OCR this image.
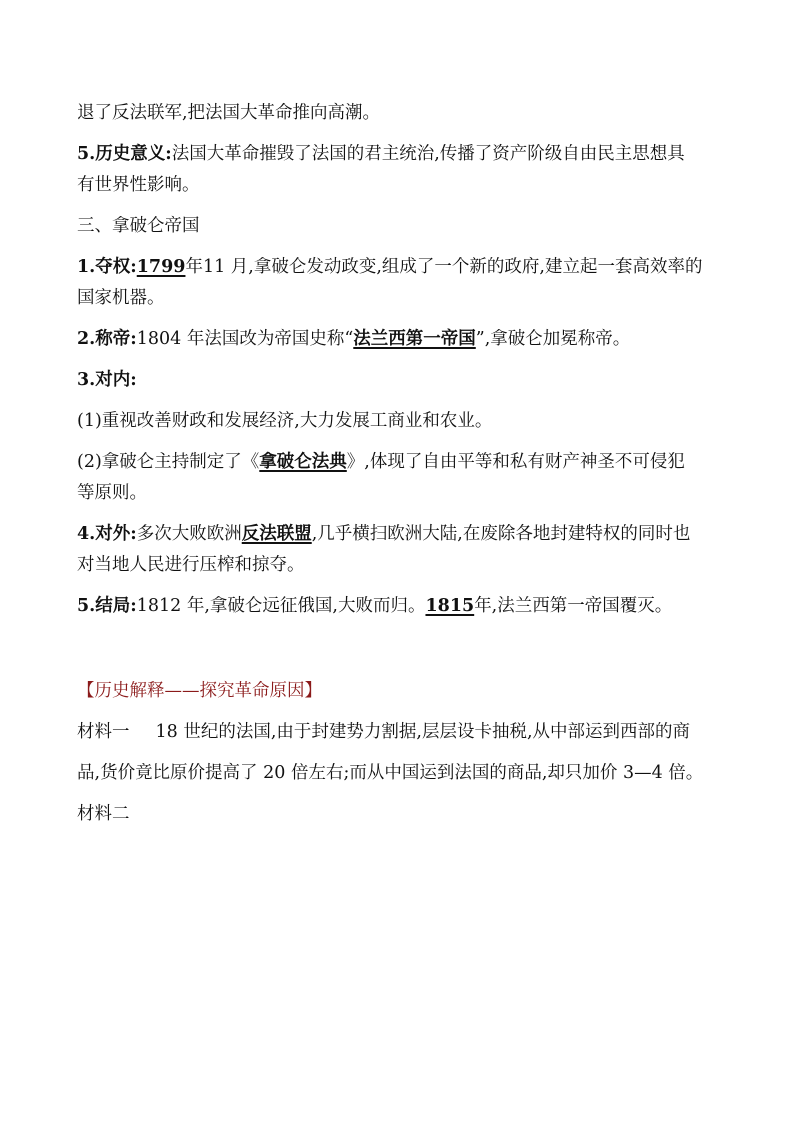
退了反法联军,把法国大革命推向高潮。

5.历史意义:法国大革命摧毁了法国的君主统治,传播了资产阶级自由民主思想具

有世界性影响。

三、拿破仑帝国

1.夺权:1799年11 月,拿破仑发动政变,组成了一个新的政府,建立起一套高效率的

国家机器。

2.称帝:1804 年法国改为帝国史称“法兰西第一帝国”,拿破仑加冕称帝。

3.对内:

(1)重视改善财政和发展经济,大力发展工商业和农业。

(2)拿破仑主持制定了《拿破仑法典》,体现了自由平等和私有财产神圣不可侵犯

等原则。

4.对外:多次大败欧洲反法联盟,几乎横扫欧洲大陆,在废除各地封建特权的同时也

对当地人民进行压榨和掠夺。

5.结局:1812 年,拿破仑远征俄国,大败而归。1815年,法兰西第一帝国覆灭。

【历史解释——探究革命原因】

材料一 18 世纪的法国,由于封建势力割据,层层设卡抽税,从中部运到西部的商

品,货价竟比原价提高了 20 倍左右;而从中国运到法国的商品,却只加价 3—4 倍。

材料二
